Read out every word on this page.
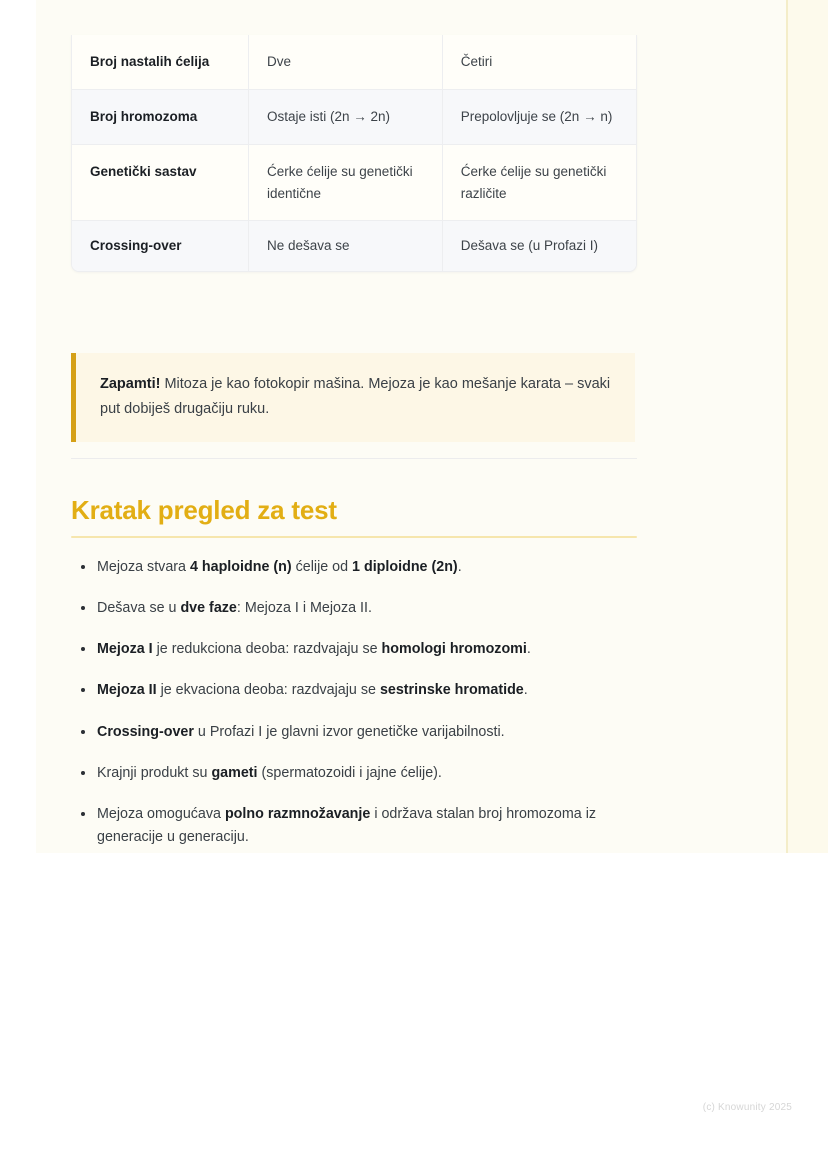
Broj nastalih ćelija	Dve	Četiri
Broj hromozoma	Ostaje isti (2n → 2n)	Prepolovljuje se (2n → n)
Genetički sastav	Ćerke ćelije su genetički identične	Ćerke ćelije su genetički različite
Crossing-over	Ne dešava se	Dešava se (u Profazi I)

Zapamti! Mitoza je kao fotokopir mašina. Mejoza je kao mešanje karata – svaki put dobiješ drugačiju ruku.

Kratak pregled za test
Mejoza stvara 4 haploidne (n) ćelije od 1 diploidne (2n).
Dešava se u dve faze: Mejoza I i Mejoza II.
Mejoza I je redukciona deoba: razdvajaju se homologi hromozomi.
Mejoza II je ekvaciona deoba: razdvajaju se sestrinske hromatide.
Crossing-over u Profazi I je glavni izvor genetičke varijabilnosti.
Krajnji produkt su gameti (spermatozoidi i jajne ćelije).
Mejoza omogućava polno razmnožavanje i održava stalan broj hromozoma iz generacije u generaciju.
(c) Knowunity 2025
